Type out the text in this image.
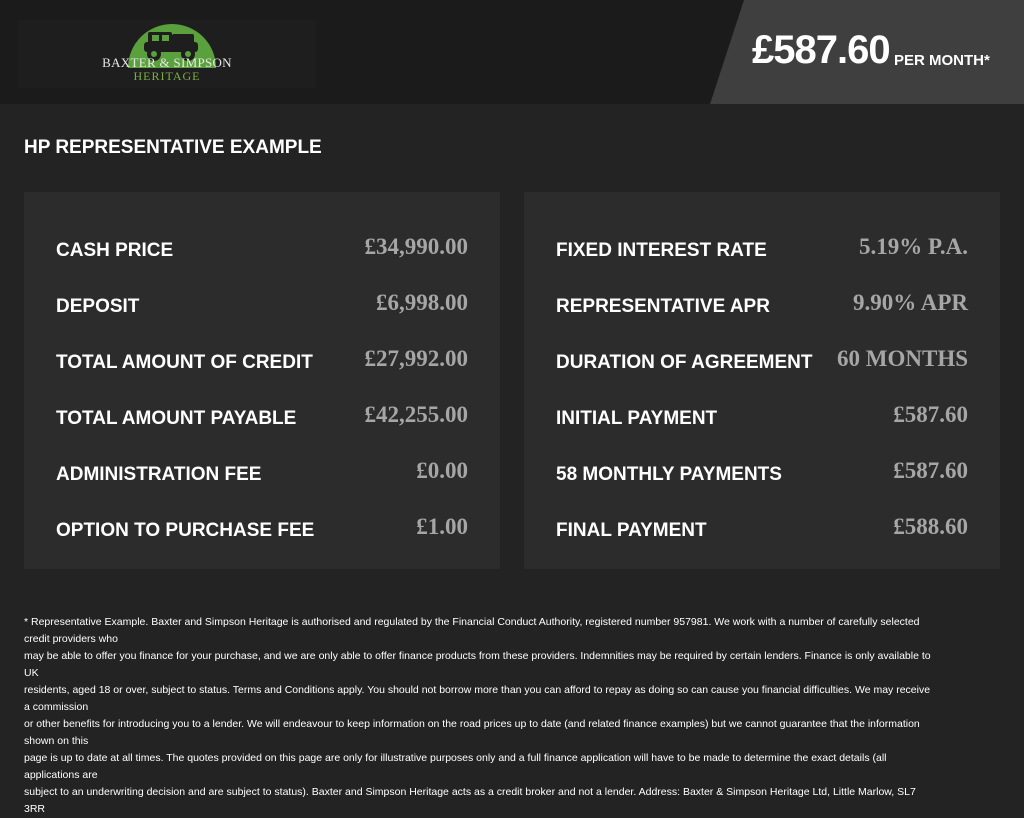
BAXTER & SIMPSON
HERITAGE
£587.60 PER MONTH*
HP REPRESENTATIVE EXAMPLE
CASH PRICE	£34,990.00
DEPOSIT	£6,998.00
TOTAL AMOUNT OF CREDIT £27,992.00
TOTAL AMOUNT PAYABLE	£42,255.00
ADMINISTRATION FEE	£0.00
OPTION TO PURCHASE FEE	£1.00
FIXED INTEREST RATE	5.19% P.A.
REPRESENTATIVE APR	9.90% APR
DURATION OF AGREEMENT 60 MONTHS
INITIAL PAYMENT	£587.60
58 MONTHLY PAYMENTS	£587.60
FINAL PAYMENT	£588.60
* Representative Example. Baxter and Simpson Heritage is authorised and regulated by the Financial Conduct Authority, registered number 957981. We work with a number of carefully selected credit providers who
may be able to offer you finance for your purchase, and we are only able to offer finance products from these providers. Indemnities may be required by certain lenders. Finance is only available to UK
residents, aged 18 or over, subject to status. Terms and Conditions apply. You should not borrow more than you can afford to repay as doing so can cause you financial difficulties. We may receive a commission
or other benefits for introducing you to a lender. We will endeavour to keep information on the road prices up to date (and related finance examples) but we cannot guarantee that the information shown on this
page is up to date at all times. The quotes provided on this page are only for illustrative purposes only and a full finance application will have to be made to determine the exact details (all applications are
subject to an underwriting decision and are subject to status). Baxter and Simpson Heritage acts as a credit broker and not a lender. Address: Baxter & Simpson Heritage Ltd, Little Marlow, SL7 3RR
